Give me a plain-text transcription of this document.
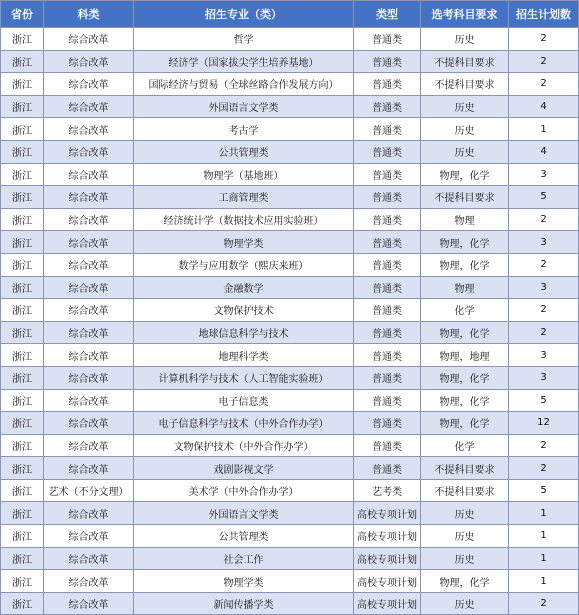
省份	科类	招生专业（类）	类型	选考科目要求	招生计划数
浙江	综合改革	哲学	普通类	历史	2
浙江	综合改革	经济学（国家拔尖学生培养基地）	普通类	不提科目要求	2
浙江	综合改革	国际经济与贸易（全球丝路合作发展方向）	普通类	不提科目要求	2
浙江	综合改革	外国语言文学类	普通类	历史	4
浙江	综合改革	考古学	普通类	历史	1
浙江	综合改革	公共管理类	普通类	历史	4
浙江	综合改革	物理学（基地班）	普通类	物理，化学	3
浙江	综合改革	工商管理类	普通类	不提科目要求	5
浙江	综合改革	经济统计学（数据技术应用实验班）	普通类	物理	2
浙江	综合改革	物理学类	普通类	物理，化学	3
浙江	综合改革	数学与应用数学（熙庆来班）	普通类	物理，化学	2
浙江	综合改革	金融数学	普通类	物理	3
浙江	综合改革	文物保护技术	普通类	化学	2
浙江	综合改革	地球信息科学与技术	普通类	物理，化学	2
浙江	综合改革	地理科学类	普通类	物理，地理	3
浙江	综合改革	计算机科学与技术（人工智能实验班）	普通类	物理，化学	3
浙江	综合改革	电子信息类	普通类	物理，化学	5
浙江	综合改革	电子信息科学与技术（中外合作办学）	普通类	物理，化学	12
浙江	综合改革	文物保护技术（中外合作办学）	普通类	化学	2
浙江	综合改革	戏剧影视文学	普通类	不提科目要求	2
浙江	艺术（不分文理）	美术学（中外合作办学）	艺考类	不提科目要求	5
浙江	综合改革	外国语言文学类	高校专项计划	历史	1
浙江	综合改革	公共管理类	高校专项计划	历史	1
浙江	综合改革	社会工作	高校专项计划	历史	1
浙江	综合改革	物理学类	高校专项计划	物理，化学	1
浙江	综合改革	新闻传播学类	高校专项计划	历史	2
